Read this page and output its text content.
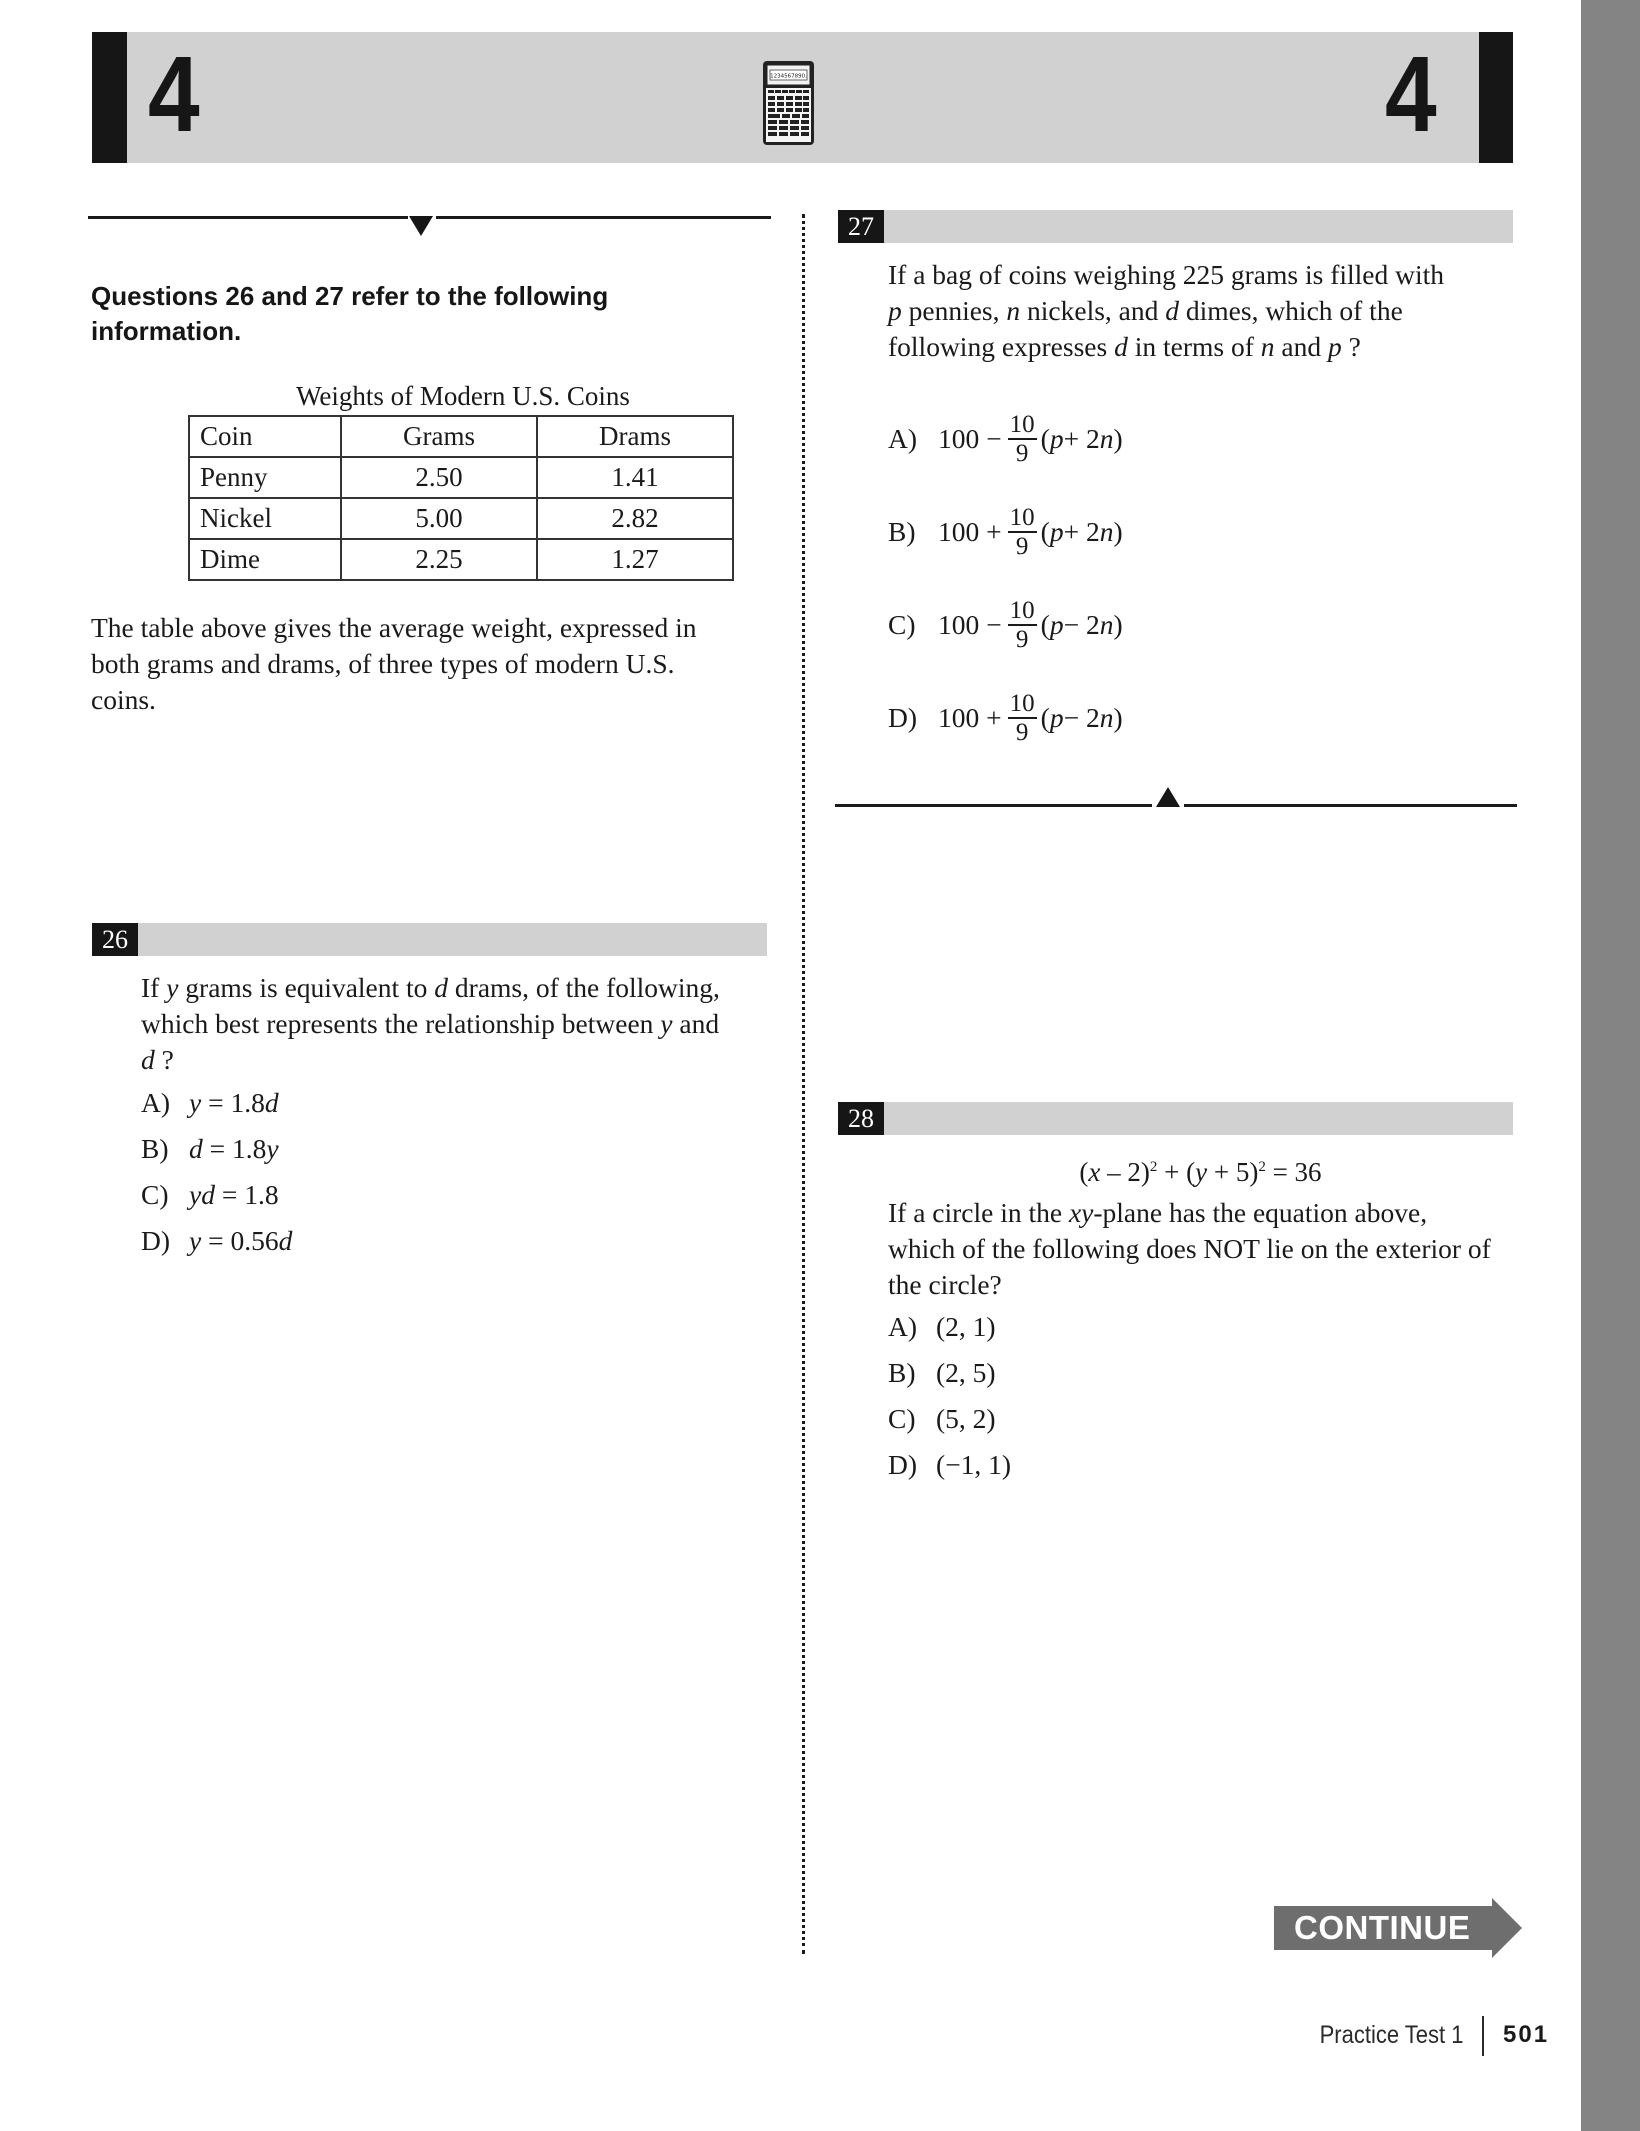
4	4
1234567890.
Questions 26 and 27 refer to the following
information.
Weights of Modern U.S. Coins
Coin	Grams	Drams
Penny	2.50	1.41
Nickel	5.00	2.82
Dime	2.25	1.27
The table above gives the average weight, expressed in
both grams and drams, of three types of modern U.S.
coins.
26
If y grams is equivalent to d drams, of the following,
which best represents the relationship between y and
d ?
A) y = 1.8d
B) d = 1.8y
C) yd = 1.8
D) y = 0.56d
27
If a bag of coins weighing 225 grams is filled with
p pennies, n nickels, and d dimes, which of the
following expresses d in terms of n and p ?
A) $100 - \frac{10}{9}$ ( p + 2 n )
B) $100 + \frac{10}{9}$ ( p + 2 n )
C) $100 - \frac{10}{9}$ ( p − 2 n )
D) $100 + \frac{10}{9}$ ( p − 2 n )
28
$(x - 2)^2 + (y + 5)^2 = 36$
If a circle in the xy-plane has the equation above,
which of the following does NOT lie on the exterior of
the circle?
A) (2, 1)
B) (2, 5)
C) (5, 2)
D) (−1, 1)
CONTINUE
Practice Test 1 501
